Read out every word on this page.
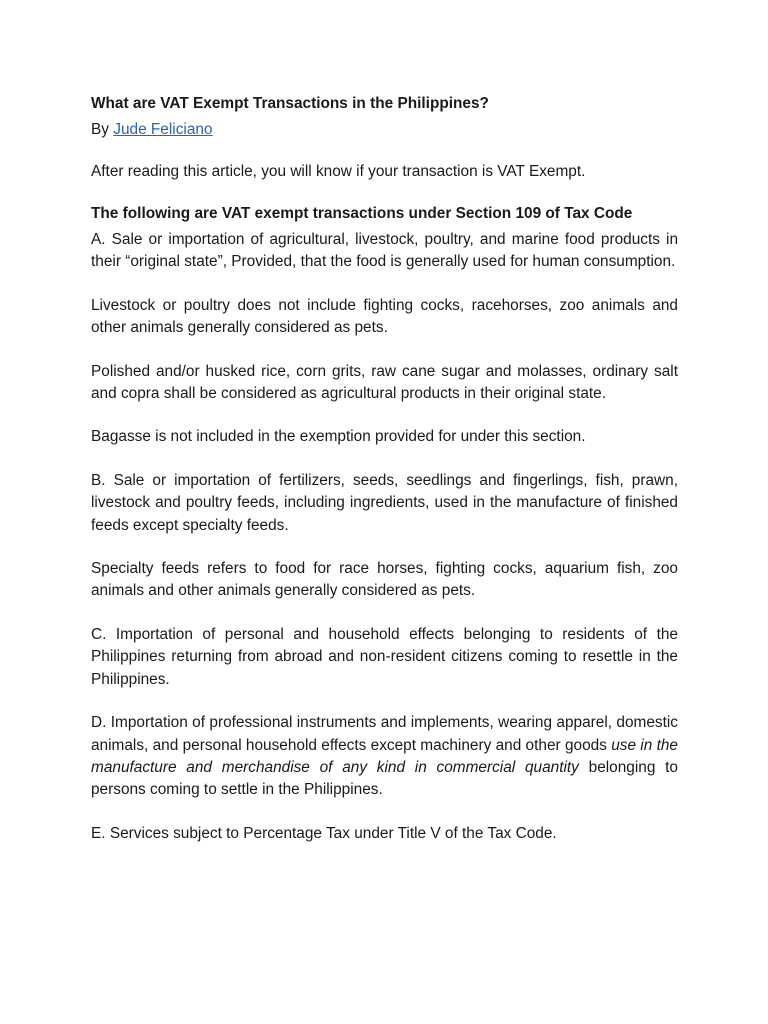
What are VAT Exempt Transactions in the Philippines?

By Jude Feliciano

After reading this article, you will know if your transaction is VAT Exempt.

The following are VAT exempt transactions under Section 109 of Tax Code

A. Sale or importation of agricultural, livestock, poultry, and marine food products in their “original state”, Provided, that the food is generally used for human consumption.

Livestock or poultry does not include fighting cocks, racehorses, zoo animals and other animals generally considered as pets.

Polished and/or husked rice, corn grits, raw cane sugar and molasses, ordinary salt and copra shall be considered as agricultural products in their original state.

Bagasse is not included in the exemption provided for under this section.

B. Sale or importation of fertilizers, seeds, seedlings and fingerlings, fish, prawn, livestock and poultry feeds, including ingredients, used in the manufacture of finished feeds except specialty feeds.

Specialty feeds refers to food for race horses, fighting cocks, aquarium fish, zoo animals and other animals generally considered as pets.

C. Importation of personal and household effects belonging to residents of the Philippines returning from abroad and non-resident citizens coming to resettle in the Philippines.

D. Importation of professional instruments and implements, wearing apparel, domestic animals, and personal household effects except machinery and other goods use in the manufacture and merchandise of any kind in commercial quantity belonging to persons coming to settle in the Philippines.

E. Services subject to Percentage Tax under Title V of the Tax Code.
